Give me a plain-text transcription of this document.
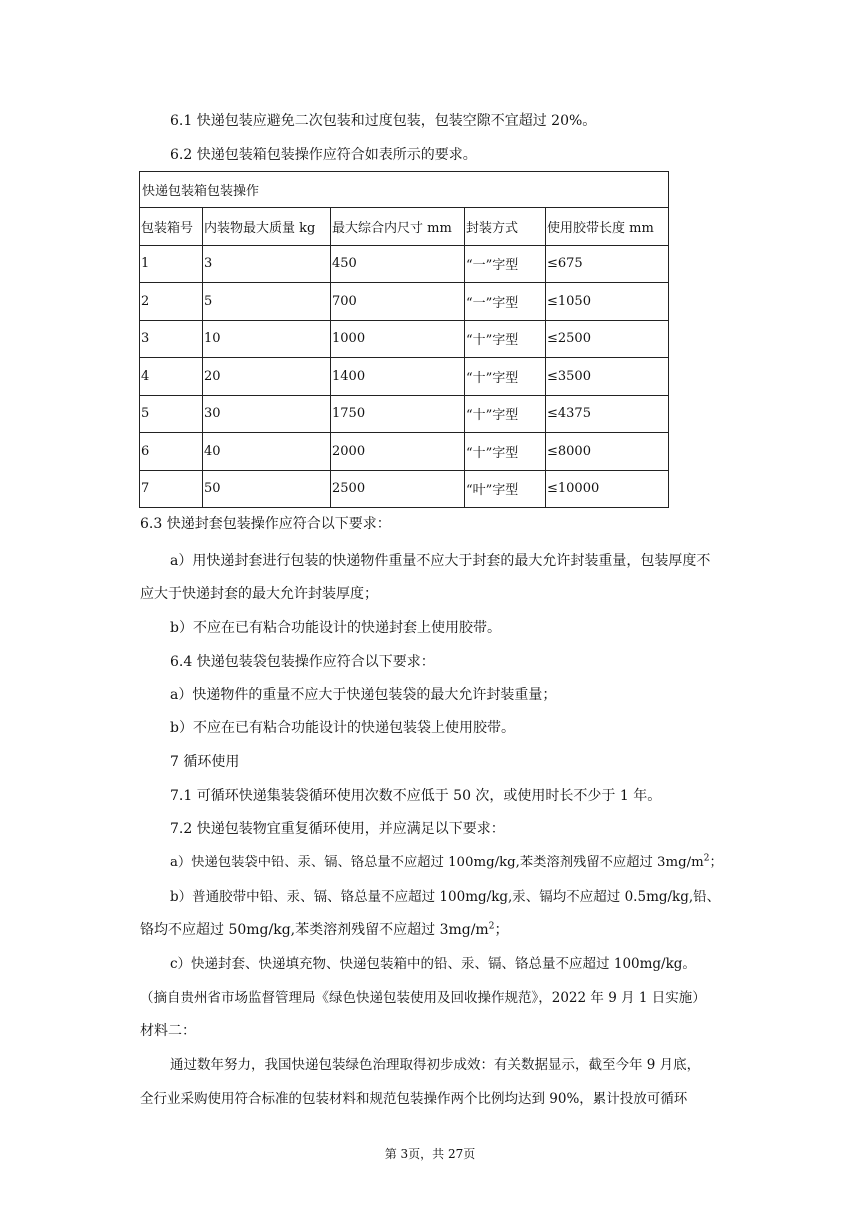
6.1 快递包装应避免二次包装和过度包装，包装空隙不宜超过 20%。
6.2 快递包装箱包装操作应符合如表所示的要求。
快递包装箱包装操作				
包装箱号	内装物最大质量 kg	最大综合内尺寸 mm	封装方式	使用胶带长度 mm
1	3	450	“一”字型	≤675
2	5	700	“一”字型	≤1050
3	10	1000	“十”字型	≤2500
4	20	1400	“十”字型	≤3500
5	30	1750	“十”字型	≤4375
6	40	2000	“十”字型	≤8000
7	50	2500	“叶”字型	≤10000
6.3 快递封套包装操作应符合以下要求：
a）用快递封套进行包装的快递物件重量不应大于封套的最大允许封装重量，包装厚度不
应大于快递封套的最大允许封装厚度；
b）不应在已有粘合功能设计的快递封套上使用胶带。
6.4 快递包装袋包装操作应符合以下要求：
a）快递物件的重量不应大于快递包装袋的最大允许封装重量；
b）不应在已有粘合功能设计的快递包装袋上使用胶带。
7 循环使用
7.1 可循环快递集装袋循环使用次数不应低于 50 次，或使用时长不少于 1 年。
7.2 快递包装物宜重复循环使用，并应满足以下要求：
a）快递包装袋中铅、汞、镉、铬总量不应超过 100mg/kg,苯类溶剂残留不应超过 $3mg/m^2$；
b）普通胶带中铅、汞、镉、铬总量不应超过 100mg/kg,汞、镉均不应超过 0.5mg/kg,铅、
铬均不应超过 50mg/kg,苯类溶剂残留不应超过 $3mg/m^2$；
c）快递封套、快递填充物、快递包装箱中的铅、汞、镉、铬总量不应超过 100mg/kg。
（摘自贵州省市场监督管理局《绿色快递包装使用及回收操作规范》，2022 年 9 月 1 日实施）
材料二：
通过数年努力，我国快递包装绿色治理取得初步成效：有关数据显示，截至今年 9 月底，
全行业采购使用符合标准的包装材料和规范包装操作两个比例均达到 90%，累计投放可循环
第 3页，共 27页
